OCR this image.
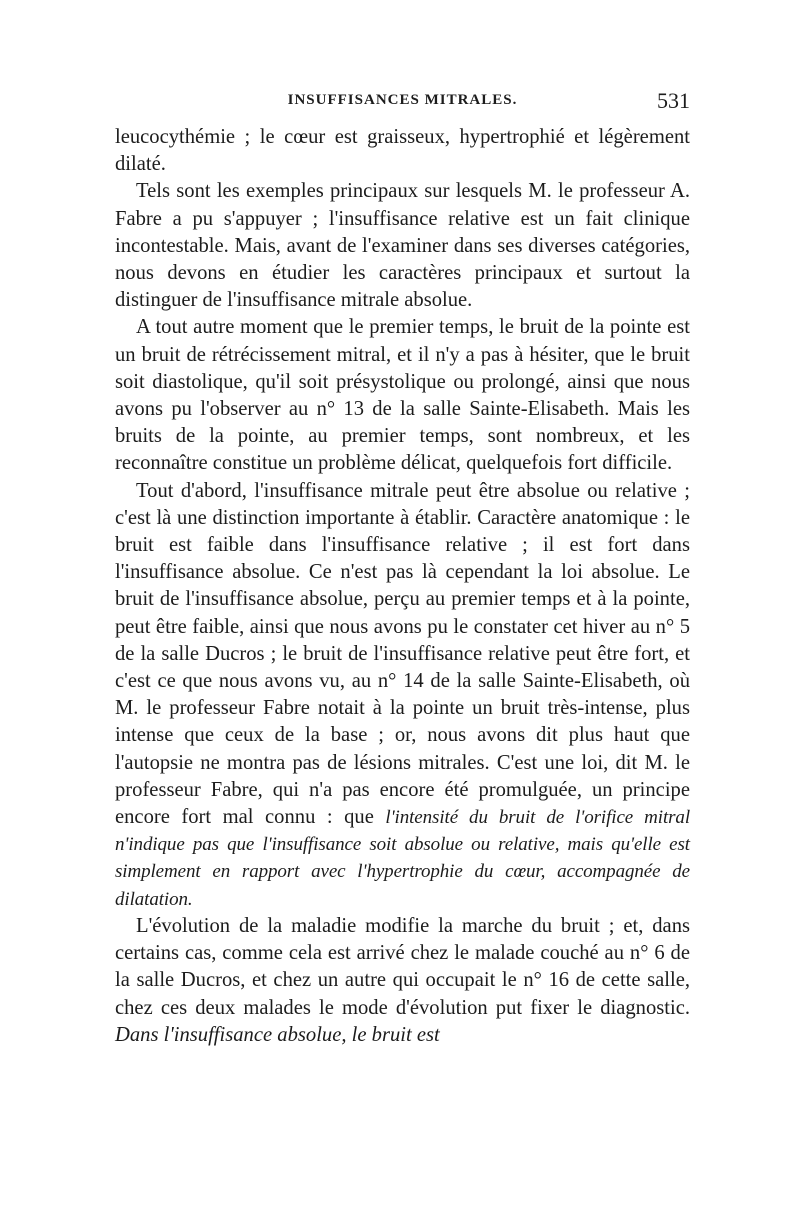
INSUFFISANCES MITRALES.	531

leucocythémie ; le cœur est graisseux, hypertrophié et légèrement dilaté.

Tels sont les exemples principaux sur lesquels M. le professeur A. Fabre a pu s'appuyer ; l'insuffisance relative est un fait clinique incontestable. Mais, avant de l'examiner dans ses diverses catégories, nous devons en étudier les caractères principaux et surtout la distinguer de l'insuffisance mitrale absolue.

A tout autre moment que le premier temps, le bruit de la pointe est un bruit de rétrécissement mitral, et il n'y a pas à hésiter, que le bruit soit diastolique, qu'il soit présystolique ou prolongé, ainsi que nous avons pu l'observer au n° 13 de la salle Sainte-Elisabeth. Mais les bruits de la pointe, au premier temps, sont nombreux, et les reconnaître constitue un problème délicat, quelquefois fort difficile.

Tout d'abord, l'insuffisance mitrale peut être absolue ou relative ; c'est là une distinction importante à établir. Caractère anatomique : le bruit est faible dans l'insuffisance relative ; il est fort dans l'insuffisance absolue. Ce n'est pas là cependant la loi absolue. Le bruit de l'insuffisance absolue, perçu au premier temps et à la pointe, peut être faible, ainsi que nous avons pu le constater cet hiver au n° 5 de la salle Ducros ; le bruit de l'insuffisance relative peut être fort, et c'est ce que nous avons vu, au n° 14 de la salle Sainte-Elisabeth, où M. le professeur Fabre notait à la pointe un bruit très-intense, plus intense que ceux de la base ; or, nous avons dit plus haut que l'autopsie ne montra pas de lésions mitrales. C'est une loi, dit M. le professeur Fabre, qui n'a pas encore été promulguée, un principe encore fort mal connu : que l'intensité du bruit de l'orifice mitral n'indique pas que l'insuffisance soit absolue ou relative, mais qu'elle est simplement en rapport avec l'hypertrophie du cœur, accompagnée de dilatation.

L'évolution de la maladie modifie la marche du bruit ; et, dans certains cas, comme cela est arrivé chez le malade couché au n° 6 de la salle Ducros, et chez un autre qui occupait le n° 16 de cette salle, chez ces deux malades le mode d'évolution put fixer le diagnostic. Dans l'insuffisance absolue, le bruit est
